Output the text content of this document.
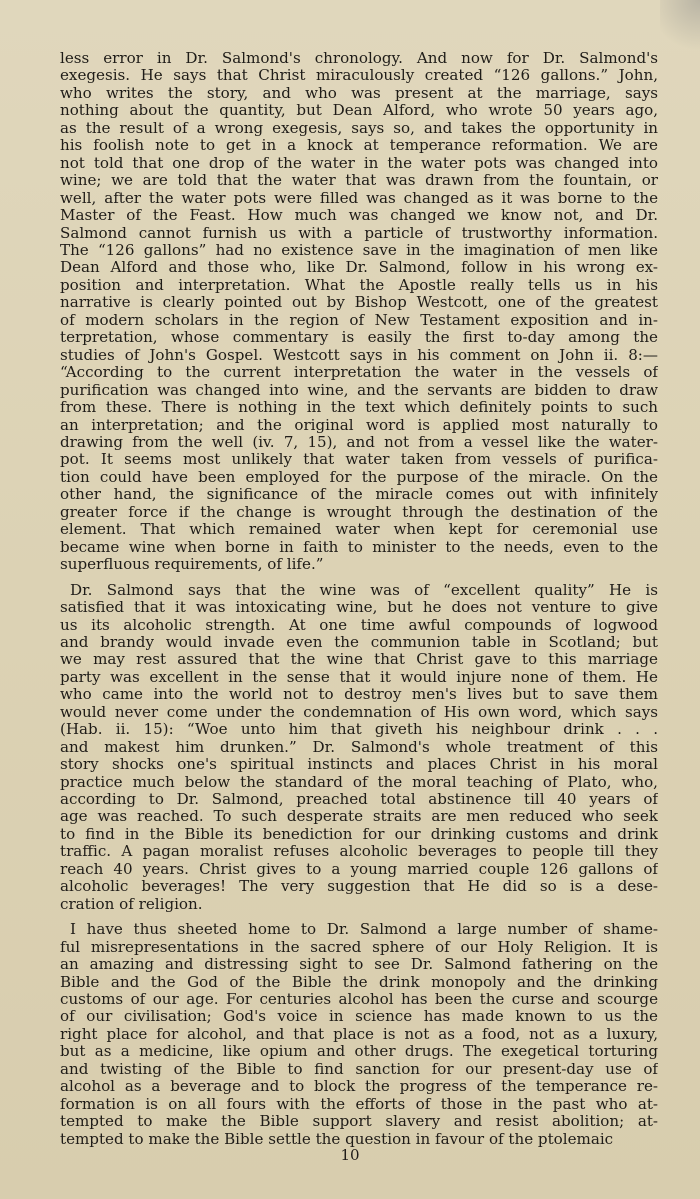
less error in Dr. Salmond's chronology. And now for Dr. Salmond's
exegesis. He says that Christ miraculously created “126 gallons.” John,
who writes the story, and who was present at the marriage, says
nothing about the quantity, but Dean Alford, who wrote 50 years ago,
as the result of a wrong exegesis, says so, and takes the opportunity in
his foolish note to get in a knock at temperance reformation. We are
not told that one drop of the water in the water pots was changed into
wine; we are told that the water that was drawn from the fountain, or
well, after the water pots were filled was changed as it was borne to the
Master of the Feast. How much was changed we know not, and Dr.
Salmond cannot furnish us with a particle of trustworthy information.
The “126 gallons” had no existence save in the imagination of men like
Dean Alford and those who, like Dr. Salmond, follow in his wrong ex-
position and interpretation. What the Apostle really tells us in his
narrative is clearly pointed out by Bishop Westcott, one of the greatest
of modern scholars in the region of New Testament exposition and in-
terpretation, whose commentary is easily the first to-day among the
studies of John's Gospel. Westcott says in his comment on John ii. 8:—
“According to the current interpretation the water in the vessels of
purification was changed into wine, and the servants are bidden to draw
from these. There is nothing in the text which definitely points to such
an interpretation; and the original word is applied most naturally to
drawing from the well (iv. 7, 15), and not from a vessel like the water-
pot. It seems most unlikely that water taken from vessels of purifica-
tion could have been employed for the purpose of the miracle. On the
other hand, the significance of the miracle comes out with infinitely
greater force if the change is wrought through the destination of the
element. That which remained water when kept for ceremonial use
became wine when borne in faith to minister to the needs, even to the
superfluous requirements, of life.”
Dr. Salmond says that the wine was of “excellent quality” He is
satisfied that it was intoxicating wine, but he does not venture to give
us its alcoholic strength. At one time awful compounds of logwood
and brandy would invade even the communion table in Scotland; but
we may rest assured that the wine that Christ gave to this marriage
party was excellent in the sense that it would injure none of them. He
who came into the world not to destroy men's lives but to save them
would never come under the condemnation of His own word, which says
(Hab. ii. 15): “Woe unto him that giveth his neighbour drink . . .
and makest him drunken.” Dr. Salmond's whole treatment of this
story shocks one's spiritual instincts and places Christ in his moral
practice much below the standard of the moral teaching of Plato, who,
according to Dr. Salmond, preached total abstinence till 40 years of
age was reached. To such desperate straits are men reduced who seek
to find in the Bible its benediction for our drinking customs and drink
traffic. A pagan moralist refuses alcoholic beverages to people till they
reach 40 years. Christ gives to a young married couple 126 gallons of
alcoholic beverages! The very suggestion that He did so is a dese-
cration of religion.
I have thus sheeted home to Dr. Salmond a large number of shame-
ful misrepresentations in the sacred sphere of our Holy Religion. It is
an amazing and distressing sight to see Dr. Salmond fathering on the
Bible and the God of the Bible the drink monopoly and the drinking
customs of our age. For centuries alcohol has been the curse and scourge
of our civilisation; God's voice in science has made known to us the
right place for alcohol, and that place is not as a food, not as a luxury,
but as a medicine, like opium and other drugs. The exegetical torturing
and twisting of the Bible to find sanction for our present-day use of
alcohol as a beverage and to block the progress of the temperance re-
formation is on all fours with the efforts of those in the past who at-
tempted to make the Bible support slavery and resist abolition; at-
tempted to make the Bible settle the question in favour of the ptolemaic
10
